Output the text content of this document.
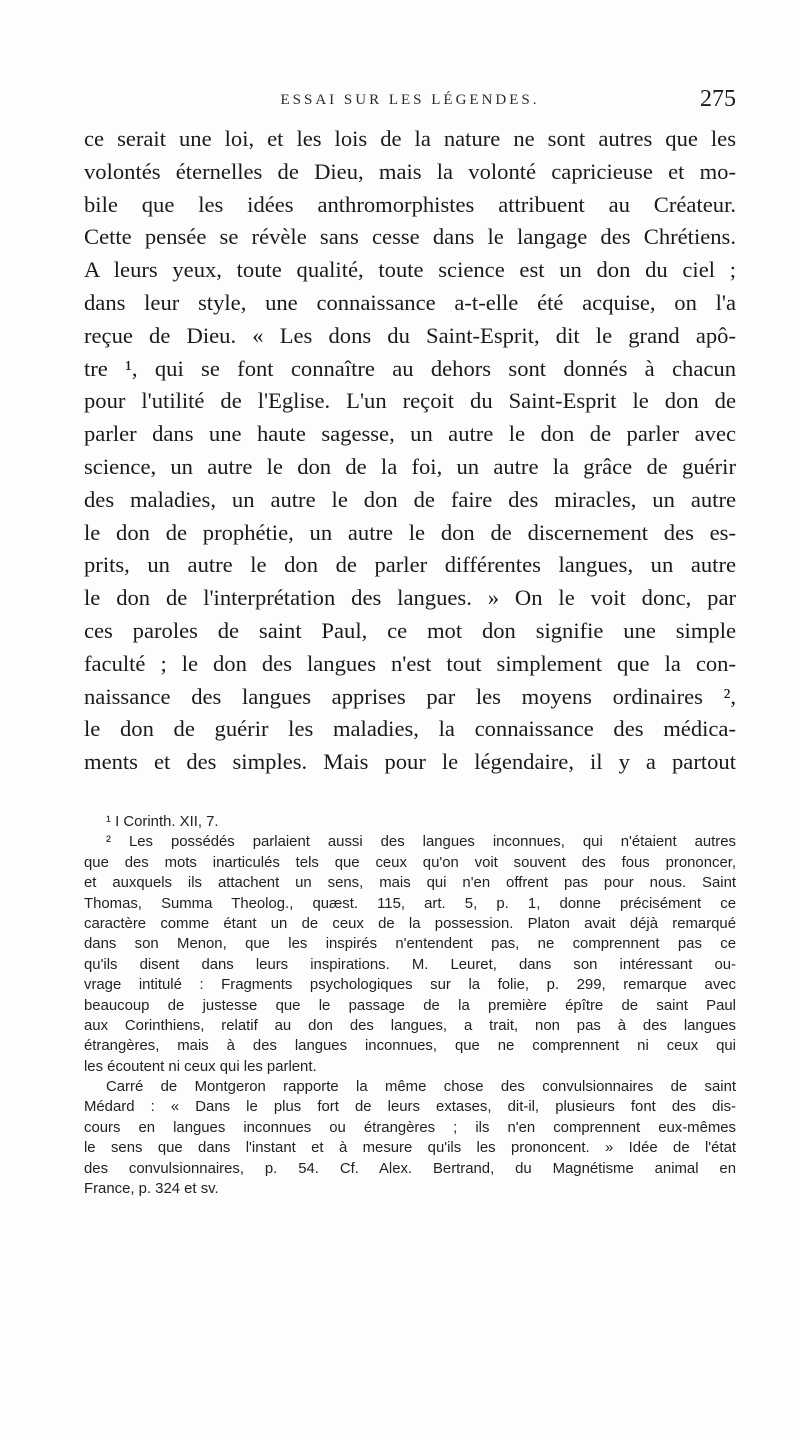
ESSAI SUR LES LÉGENDES.	275
ce serait une loi, et les lois de la nature ne sont autres que les
volontés éternelles de Dieu, mais la volonté capricieuse et mo-
bile que les idées anthromorphistes attribuent au Créateur.
Cette pensée se révèle sans cesse dans le langage des Chrétiens.
A leurs yeux, toute qualité, toute science est un don du ciel ;
dans leur style, une connaissance a-t-elle été acquise, on l'a
reçue de Dieu. « Les dons du Saint-Esprit, dit le grand apô-
tre ¹, qui se font connaître au dehors sont donnés à chacun
pour l'utilité de l'Eglise. L'un reçoit du Saint-Esprit le don de
parler dans une haute sagesse, un autre le don de parler avec
science, un autre le don de la foi, un autre la grâce de guérir
des maladies, un autre le don de faire des miracles, un autre
le don de prophétie, un autre le don de discernement des es-
prits, un autre le don de parler différentes langues, un autre
le don de l'interprétation des langues. » On le voit donc, par
ces paroles de saint Paul, ce mot don signifie une simple
faculté ; le don des langues n'est tout simplement que la con-
naissance des langues apprises par les moyens ordinaires ²,
le don de guérir les maladies, la connaissance des médica-
ments et des simples. Mais pour le légendaire, il y a partout
¹ I Corinth. XII, 7.
² Les possédés parlaient aussi des langues inconnues, qui n'étaient autres
que des mots inarticulés tels que ceux qu'on voit souvent des fous prononcer,
et auxquels ils attachent un sens, mais qui n'en offrent pas pour nous. Saint
Thomas, Summa Theolog., quæst. 115, art. 5, p. 1, donne précisément ce
caractère comme étant un de ceux de la possession. Platon avait déjà remarqué
dans son Menon, que les inspirés n'entendent pas, ne comprennent pas ce
qu'ils disent dans leurs inspirations. M. Leuret, dans son intéressant ou-
vrage intitulé : Fragments psychologiques sur la folie, p. 299, remarque avec
beaucoup de justesse que le passage de la première épître de saint Paul
aux Corinthiens, relatif au don des langues, a trait, non pas à des langues
étrangères, mais à des langues inconnues, que ne comprennent ni ceux qui
les écoutent ni ceux qui les parlent.
Carré de Montgeron rapporte la même chose des convulsionnaires de saint
Médard : « Dans le plus fort de leurs extases, dit-il, plusieurs font des dis-
cours en langues inconnues ou étrangères ; ils n'en comprennent eux-mêmes
le sens que dans l'instant et à mesure qu'ils les prononcent. » Idée de l'état
des convulsionnaires, p. 54. Cf. Alex. Bertrand, du Magnétisme animal en
France, p. 324 et sv.
